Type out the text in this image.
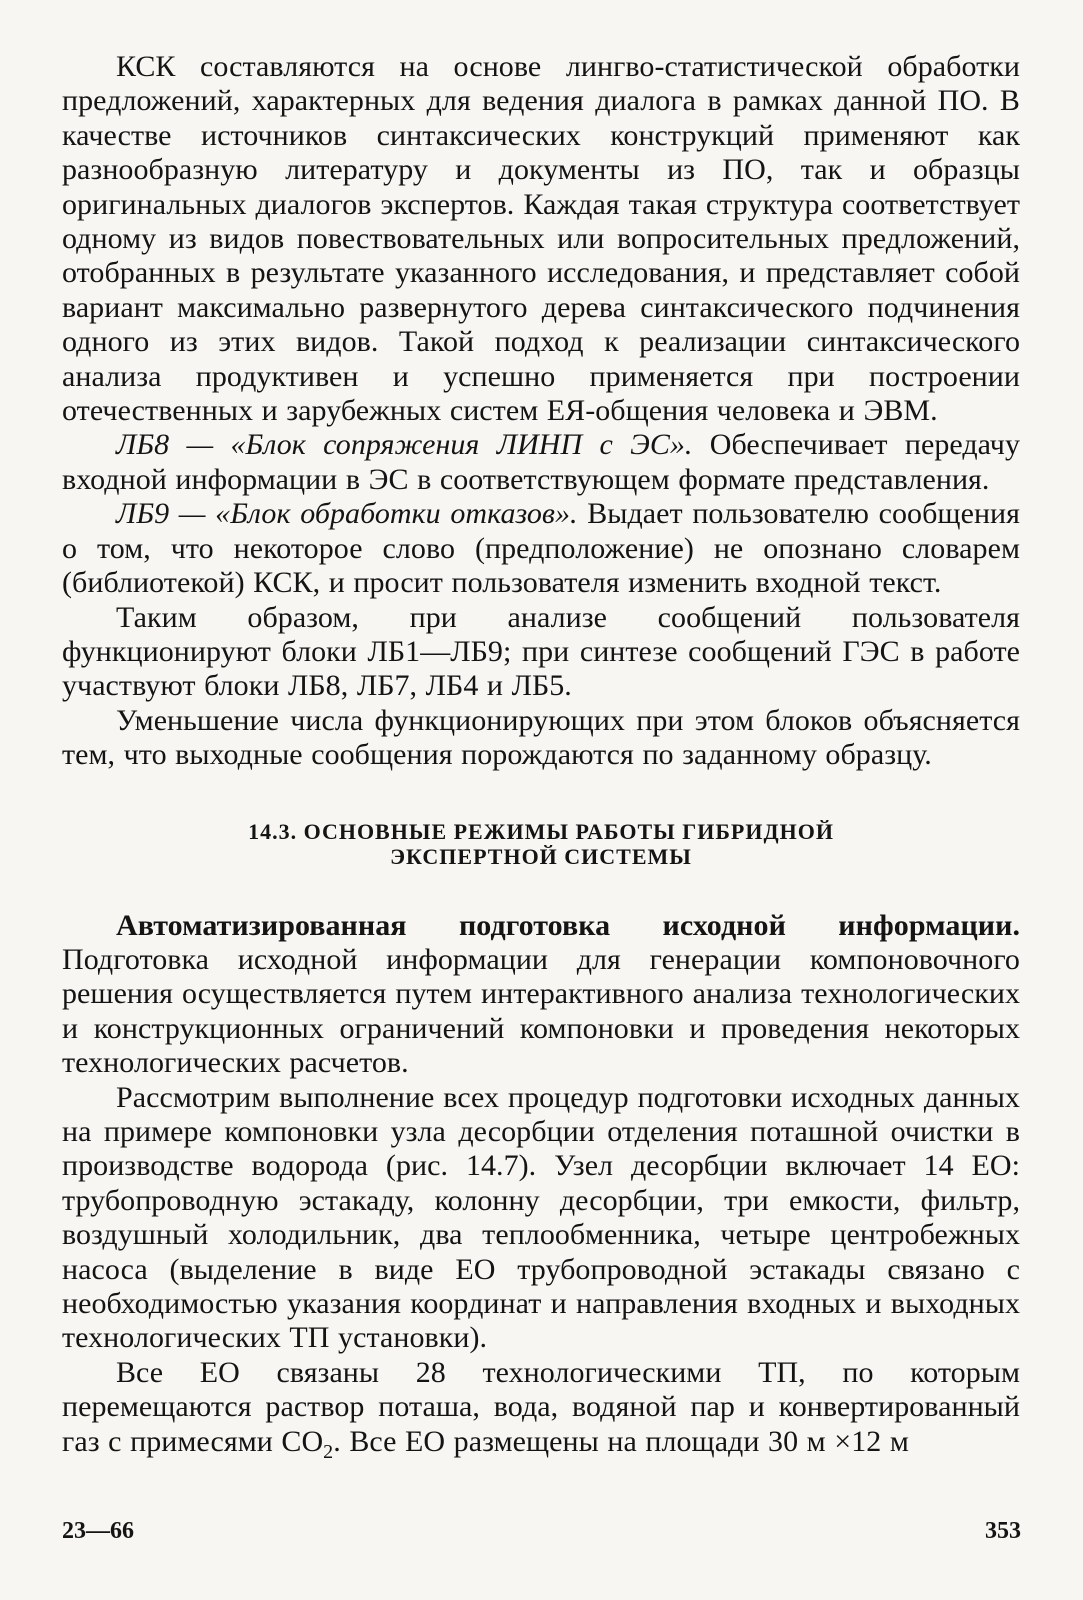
КСК составляются на основе лингво-статистической обработки предложений, характерных для ведения диалога в рамках данной ПО. В качестве источников синтаксических конструкций применяют как разнообразную литературу и документы из ПО, так и образцы оригинальных диалогов экспертов. Каждая такая структура соответствует одному из видов повествовательных или вопросительных предложений, отобранных в результате указанного исследования, и представляет собой вариант максимально развернутого дерева синтаксического подчинения одного из этих видов. Такой подход к реализации синтаксического анализа продуктивен и успешно применяется при построении отечественных и зарубежных систем ЕЯ-общения человека и ЭВМ.

ЛБ8 — «Блок сопряжения ЛИНП с ЭС». Обеспечивает передачу входной информации в ЭС в соответствующем формате представления.

ЛБ9 — «Блок обработки отказов». Выдает пользователю сообщения о том, что некоторое слово (предположение) не опознано словарем (библиотекой) КСК, и просит пользователя изменить входной текст.

Таким образом, при анализе сообщений пользователя функционируют блоки ЛБ1—ЛБ9; при синтезе сообщений ГЭС в работе участвуют блоки ЛБ8, ЛБ7, ЛБ4 и ЛБ5.

Уменьшение числа функционирующих при этом блоков объясняется тем, что выходные сообщения порождаются по заданному образцу.

14.3. ОСНОВНЫЕ РЕЖИМЫ РАБОТЫ ГИБРИДНОЙ
ЭКСПЕРТНОЙ СИСТЕМЫ

Автоматизированная подготовка исходной информации. Подготовка исходной информации для генерации компоновочного решения осуществляется путем интерактивного анализа технологических и конструкционных ограничений компоновки и проведения некоторых технологических расчетов.

Рассмотрим выполнение всех процедур подготовки исходных данных на примере компоновки узла десорбции отделения поташной очистки в производстве водорода (рис. 14.7). Узел десорбции включает 14 ЕО: трубопроводную эстакаду, колонну десорбции, три емкости, фильтр, воздушный холодильник, два теплообменника, четыре центробежных насоса (выделение в виде ЕО трубопроводной эстакады связано с необходимостью указания координат и направления входных и выходных технологических ТП установки).

Все ЕО связаны 28 технологическими ТП, по которым перемещаются раствор поташа, вода, водяной пар и конвертированный газ с примесями $CO_2$. Все ЕО размещены на площади 30 м ×12 м

23—66	353
